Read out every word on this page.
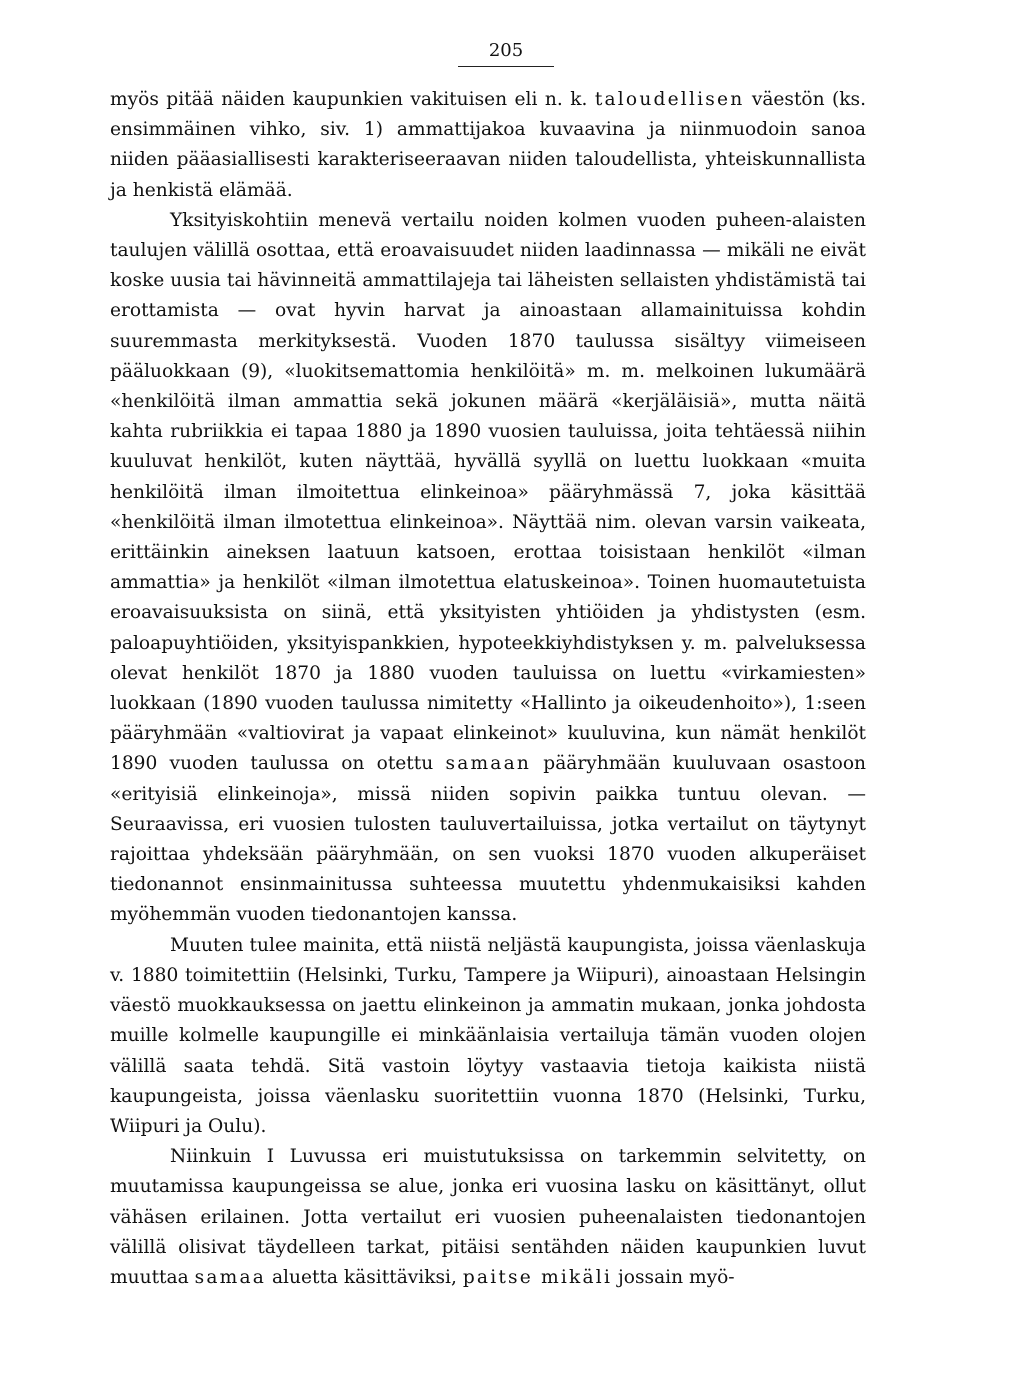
205

myös pitää näiden kaupunkien vakituisen eli n. k. taloudellisen väestön (ks. ensimmäinen vihko, siv. 1) ammattijakoa kuvaavina ja niinmuodoin sanoa niiden pääasiallisesti karakteriseeraavan niiden taloudellista, yhteiskunnallista ja henkistä elämää.

Yksityiskohtiin menevä vertailu noiden kolmen vuoden puheen-alaisten taulujen välillä osottaa, että eroavaisuudet niiden laadinnassa — mikäli ne eivät koske uusia tai hävinneitä ammattilajeja tai läheisten sellaisten yhdistämistä tai erottamista — ovat hyvin harvat ja ainoastaan allamainituissa kohdin suuremmasta merkityksestä. Vuoden 1870 taulussa sisältyy viimeiseen pääluokkaan (9), «luokitsemattomia henkilöitä» m. m. melkoinen lukumäärä «henkilöitä ilman ammattia sekä jokunen määrä «kerjäläisiä», mutta näitä kahta rubriikkia ei tapaa 1880 ja 1890 vuosien tauluissa, joita tehtäessä niihin kuuluvat henkilöt, kuten näyttää, hyvällä syyllä on luettu luokkaan «muita henkilöitä ilman ilmoitettua elinkeinoa» pääryhmässä 7, joka käsittää «henkilöitä ilman ilmotettua elinkeinoa». Näyttää nim. olevan varsin vaikeata, erittäinkin aineksen laatuun katsoen, erottaa toisistaan henkilöt «ilman ammattia» ja henkilöt «ilman ilmotettua elatuskeinoa». Toinen huomautetuista eroavaisuuksista on siinä, että yksityisten yhtiöiden ja yhdistysten (esm. paloapuyhtiöiden, yksityispankkien, hypoteekkiyhdistyksen y. m. palveluksessa olevat henkilöt 1870 ja 1880 vuoden tauluissa on luettu «virkamiesten» luokkaan (1890 vuoden taulussa nimitetty «Hallinto ja oikeudenhoito»), 1:seen pääryhmään «valtiovirat ja vapaat elinkeinot» kuuluvina, kun nämät henkilöt 1890 vuoden taulussa on otettu samaan pääryhmään kuuluvaan osastoon «erityisiä elinkeinoja», missä niiden sopivin paikka tuntuu olevan. — Seuraavissa, eri vuosien tulosten tauluvertailuissa, jotka vertailut on täytynyt rajoittaa yhdeksään pääryhmään, on sen vuoksi 1870 vuoden alkuperäiset tiedonannot ensinmainitussa suhteessa muutettu yhdenmukaisiksi kahden myöhemmän vuoden tiedonantojen kanssa.

Muuten tulee mainita, että niistä neljästä kaupungista, joissa väenlaskuja v. 1880 toimitettiin (Helsinki, Turku, Tampere ja Wiipuri), ainoastaan Helsingin väestö muokkauksessa on jaettu elinkeinon ja ammatin mukaan, jonka johdosta muille kolmelle kaupungille ei minkäänlaisia vertailuja tämän vuoden olojen välillä saata tehdä. Sitä vastoin löytyy vastaavia tietoja kaikista niistä kaupungeista, joissa väenlasku suoritettiin vuonna 1870 (Helsinki, Turku, Wiipuri ja Oulu).

Niinkuin I Luvussa eri muistutuksissa on tarkemmin selvitetty, on muutamissa kaupungeissa se alue, jonka eri vuosina lasku on käsittänyt, ollut vähäsen erilainen. Jotta vertailut eri vuosien puheenalaisten tiedonantojen välillä olisivat täydelleen tarkat, pitäisi sentähden näiden kaupunkien luvut muuttaa samaa aluetta käsittäviksi, paitse mikäli jossain myö-
